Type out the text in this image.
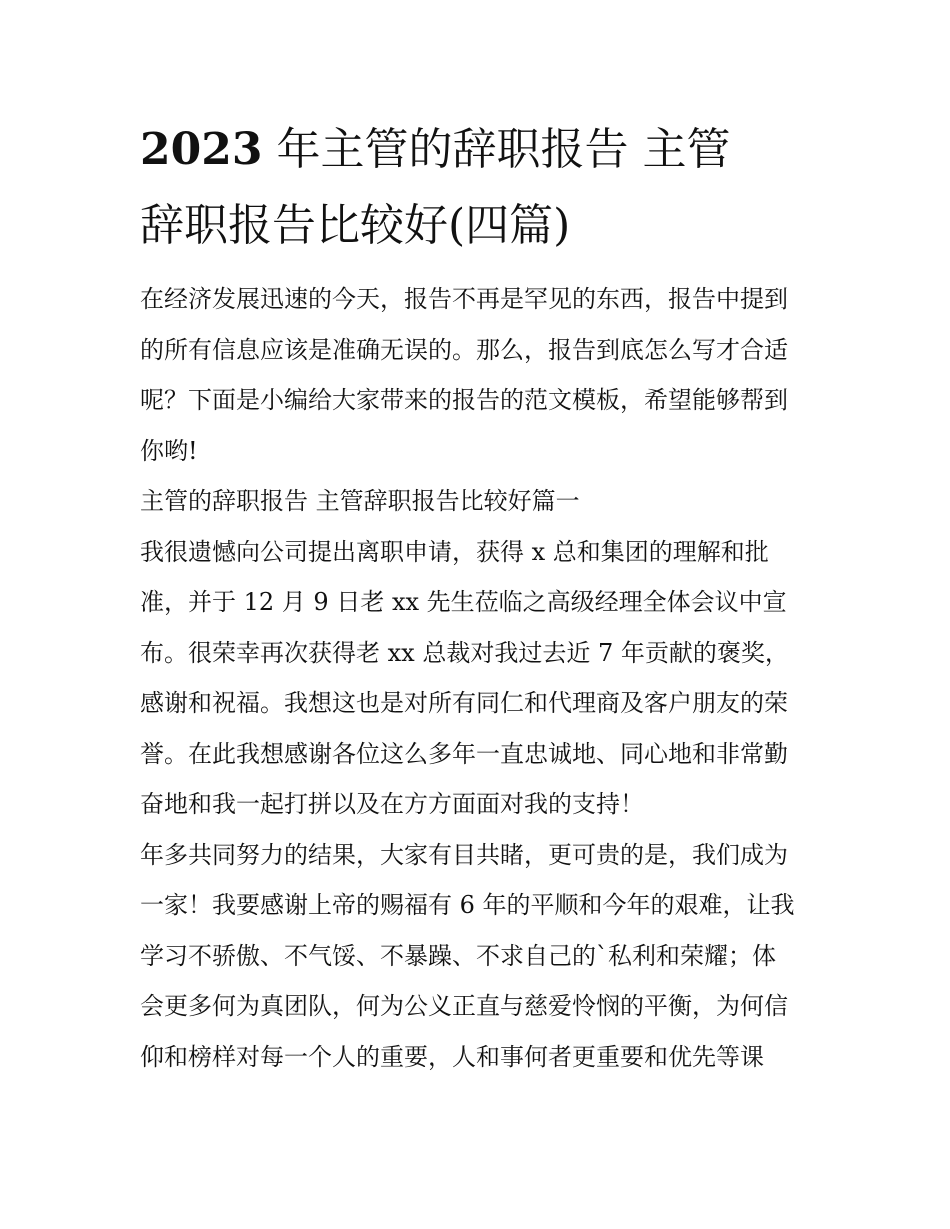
2023 年主管的辞职报告 主管
辞职报告比较好(四篇)

在经济发展迅速的今天，报告不再是罕见的东西，报告中提到

的所有信息应该是准确无误的。那么，报告到底怎么写才合适

呢？下面是小编给大家带来的报告的范文模板，希望能够帮到

你哟!

主管的辞职报告 主管辞职报告比较好篇一

我很遗憾向公司提出离职申请，获得 x 总和集团的理解和批

准，并于 12 月 9 日老 xx 先生莅临之高级经理全体会议中宣

布。很荣幸再次获得老 xx 总裁对我过去近 7 年贡献的褒奖，

感谢和祝福。我想这也是对所有同仁和代理商及客户朋友的荣

誉。在此我想感谢各位这么多年一直忠诚地、同心地和非常勤

奋地和我一起打拼以及在方方面面对我的支持！

年多共同努力的结果，大家有目共睹，更可贵的是，我们成为

一家！我要感谢上帝的赐福有 6 年的平顺和今年的艰难，让我

学习不骄傲、不气馁、不暴躁、不求自己的`私利和荣耀；体

会更多何为真团队，何为公义正直与慈爱怜悯的平衡，为何信

仰和榜样对每一个人的重要，人和事何者更重要和优先等课
